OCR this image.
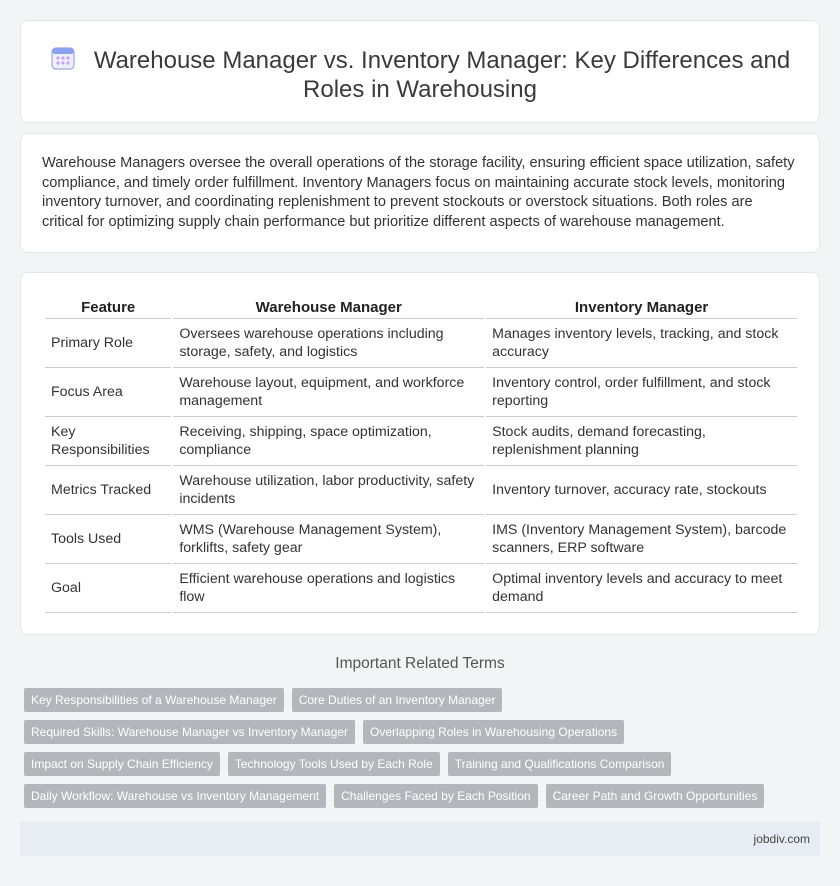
Warehouse Manager vs. Inventory Manager: Key Differences and Roles in Warehousing

Warehouse Managers oversee the overall operations of the storage facility, ensuring efficient space utilization, safety compliance, and timely order fulfillment. Inventory Managers focus on maintaining accurate stock levels, monitoring inventory turnover, and coordinating replenishment to prevent stockouts or overstock situations. Both roles are critical for optimizing supply chain performance but prioritize different aspects of warehouse management.

Feature	Warehouse Manager	Inventory Manager
Primary Role	Oversees warehouse operations including storage, safety, and logistics	Manages inventory levels, tracking, and stock accuracy
Focus Area	Warehouse layout, equipment, and workforce management	Inventory control, order fulfillment, and stock reporting
Key Responsibilities	Receiving, shipping, space optimization, compliance	Stock audits, demand forecasting, replenishment planning
Metrics Tracked	Warehouse utilization, labor productivity, safety incidents	Inventory turnover, accuracy rate, stockouts
Tools Used	WMS (Warehouse Management System), forklifts, safety gear	IMS (Inventory Management System), barcode scanners, ERP software
Goal	Efficient warehouse operations and logistics flow	Optimal inventory levels and accuracy to meet demand
Important Related Terms
Key Responsibilities of a Warehouse Manager	Core Duties of an Inventory Manager
Required Skills: Warehouse Manager vs Inventory Manager	Overlapping Roles in Warehousing Operations
Impact on Supply Chain Efficiency	Technology Tools Used by Each Role	Training and Qualifications Comparison
Daily Workflow: Warehouse vs Inventory Management	Challenges Faced by Each Position	Career Path and Growth Opportunities
jobdiv.com
